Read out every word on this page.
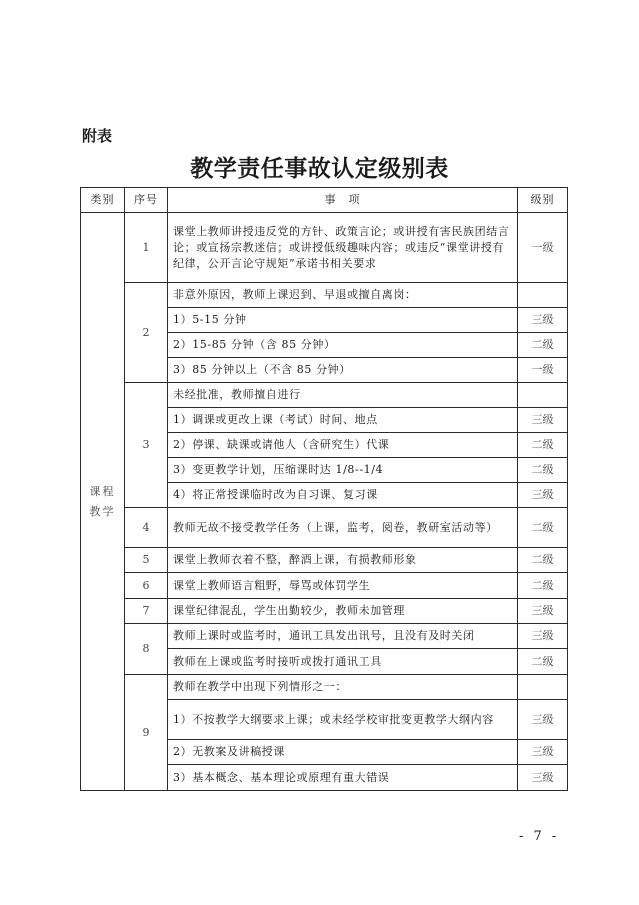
附表
教学责任事故认定级别表
类别	序号	事　项	级别
课程教学	1	课堂上教师讲授违反党的方针、政策言论；或讲授有害民族团结言论；或宣扬宗教迷信；或讲授低级趣味内容；或违反“课堂讲授有纪律，公开言论守规矩”承诺书相关要求	一级
	2	非意外原因，教师上课迟到、早退或擅自离岗：	
		1）5-15 分钟	三级
		2）15-85 分钟（含 85 分钟）	二级
		3）85 分钟以上（不含 85 分钟）	一级
	3	未经批准，教师擅自进行	
		1）调课或更改上课（考试）时间、地点	三级
		2）停课、缺课或请他人（含研究生）代课	二级
		3）变更教学计划，压缩课时达 1/8--1/4	二级
		4）将正常授课临时改为自习课、复习课	三级
	4	教师无故不接受教学任务（上课，监考，阅卷，教研室活动等）	二级
	5	课堂上教师衣着不整，醉酒上课，有损教师形象	二级
	6	课堂上教师语言粗野，辱骂或体罚学生	二级
	7	课堂纪律混乱，学生出勤较少，教师未加管理	三级
	8	教师上课时或监考时，通讯工具发出讯号，且没有及时关闭	三级
		教师在上课或监考时接听或拨打通讯工具	二级
	9	教师在教学中出现下列情形之一：	
		1）不按教学大纲要求上课；或未经学校审批变更教学大纲内容	三级
		2）无教案及讲稿授课	三级
		3）基本概念、基本理论或原理有重大错误	三级
- 7 -
